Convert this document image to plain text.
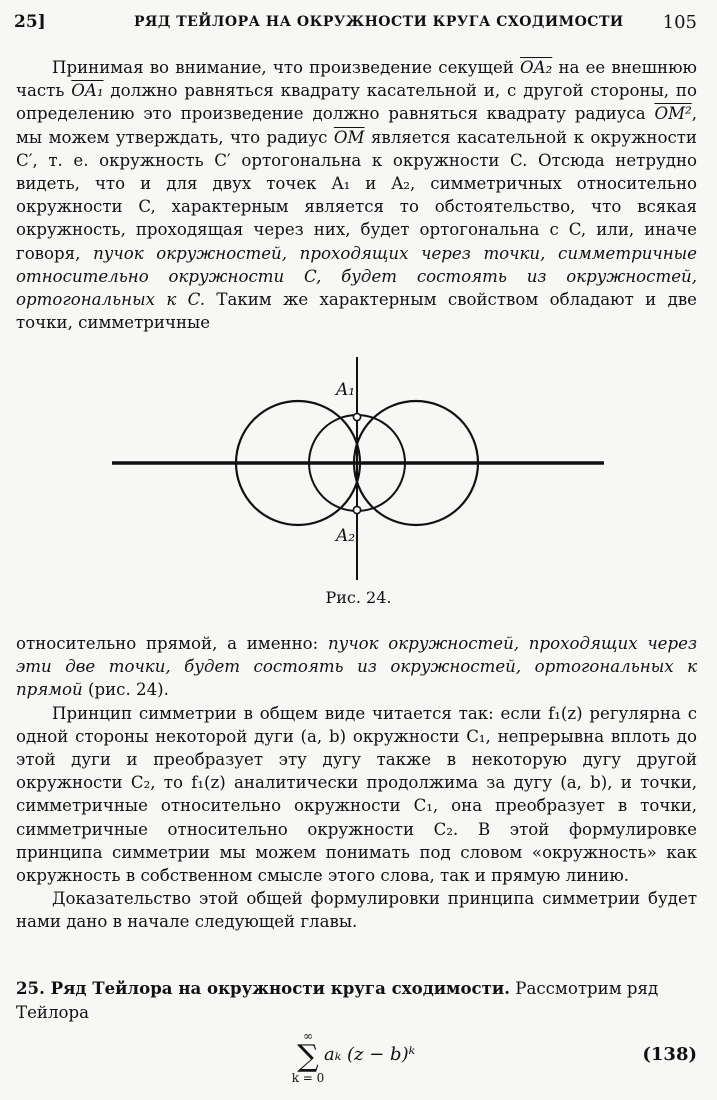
25]	РЯД ТЕЙЛОРА НА ОКРУЖНОСТИ КРУГА СХОДИМОСТИ 105

Принимая во внимание, что произведение секущей OA₂ на ее внешнюю часть OA₁ должно равняться квадрату касательной и, с другой стороны, по определению это произведение должно равняться квадрату радиуса OM², мы можем утверждать, что радиус $\overline{OM}$ является касательной к окружности C′, т. е. окружность C′ ортогональна к окружности C. Отсюда нетрудно видеть, что и для двух точек A₁ и A₂, симметричных относительно окружности C, характерным является то обстоятельство, что всякая окружность, проходящая через них, будет ортогональна с C, или, иначе говоря, пучок окружностей, проходящих через точки, симметричные относительно окружности C, будет состоять из окружностей, ортогональных к C. Таким же характерным свойством обладают и две точки, симметричные

A₁
A₂
Рис. 24.

относительно прямой, а именно: пучок окружностей, проходящих через эти две точки, будет состоять из окружностей, ортогональных к прямой (рис. 24).

Принцип симметрии в общем виде читается так: если f₁(z) регулярна с одной стороны некоторой дуги (a, b) окружности C₁, непрерывна вплоть до этой дуги и преобразует эту дугу также в некоторую дугу другой окружности C₂, то f₁(z) аналитически продолжима за дугу (a, b), и точки, симметричные относительно окружности C₁, она преобразует в точки, симметричные относительно окружности C₂. В этой формулировке принципа симметрии мы можем понимать под словом «окружность» как окружность в собственном смысле этого слова, так и прямую линию.

Доказательство этой общей формулировки принципа симметрии будет нами дано в начале следующей главы.

25. Ряд Тейлора на окружности круга сходимости. Рассмотрим ряд Тейлора
∞
∑
k = 0
aₖ (z − b)ᵏ	(138)
